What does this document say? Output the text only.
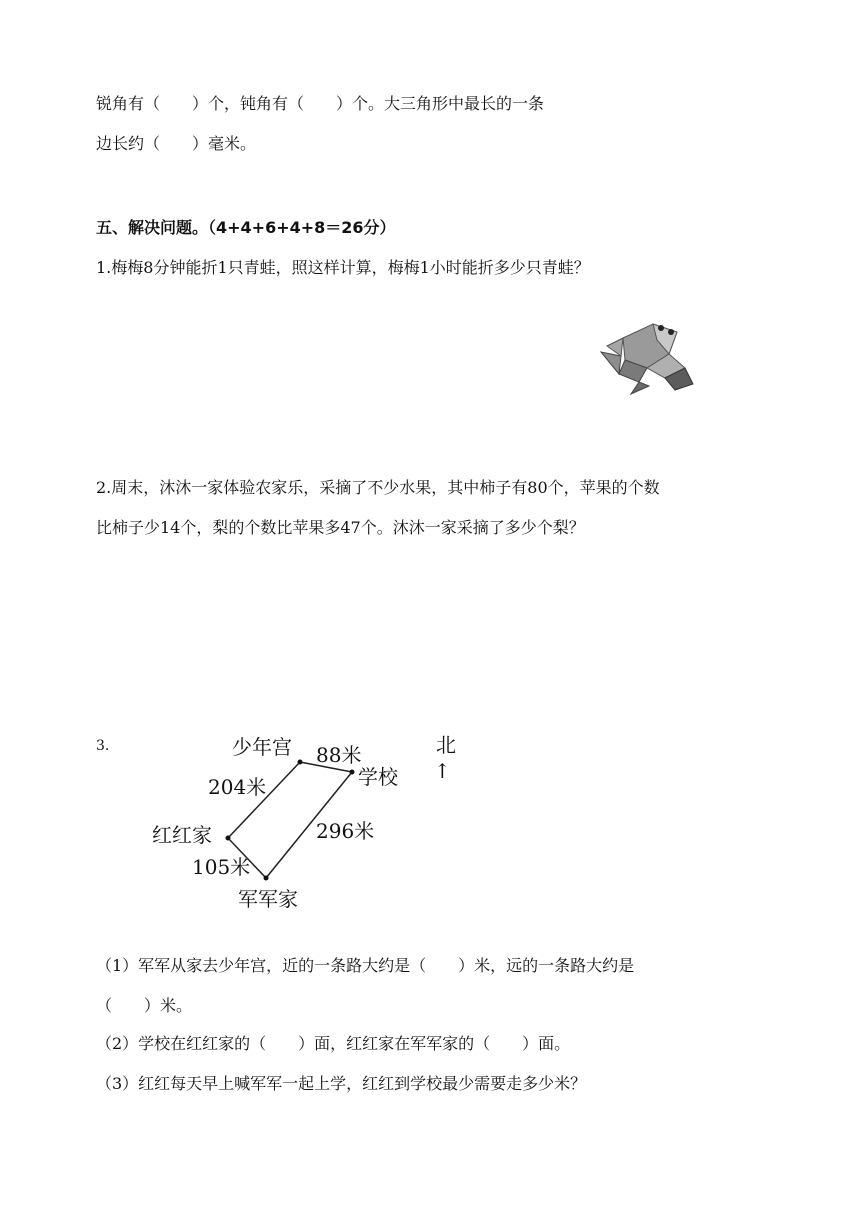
锐角有（　　）个，钝角有（　　）个。大三角形中最长的一条
边长约（　　）毫米。
五、解决问题。（4+4+6+4+8＝26分）
1.梅梅8分钟能折1只青蛙，照这样计算，梅梅1小时能折多少只青蛙？
2.周末，沐沐一家体验农家乐，采摘了不少水果，其中柿子有80个，苹果的个数
比柿子少14个，梨的个数比苹果多47个。沐沐一家采摘了多少个梨？
3.	少年宫
学校
红红家
军军家
88米
204米
296米
105米
北
↑
（1）军军从家去少年宫，近的一条路大约是（　　）米，远的一条路大约是
（　　）米。
（2）学校在红红家的（　　）面，红红家在军军家的（　　）面。
（3）红红每天早上喊军军一起上学，红红到学校最少需要走多少米？
